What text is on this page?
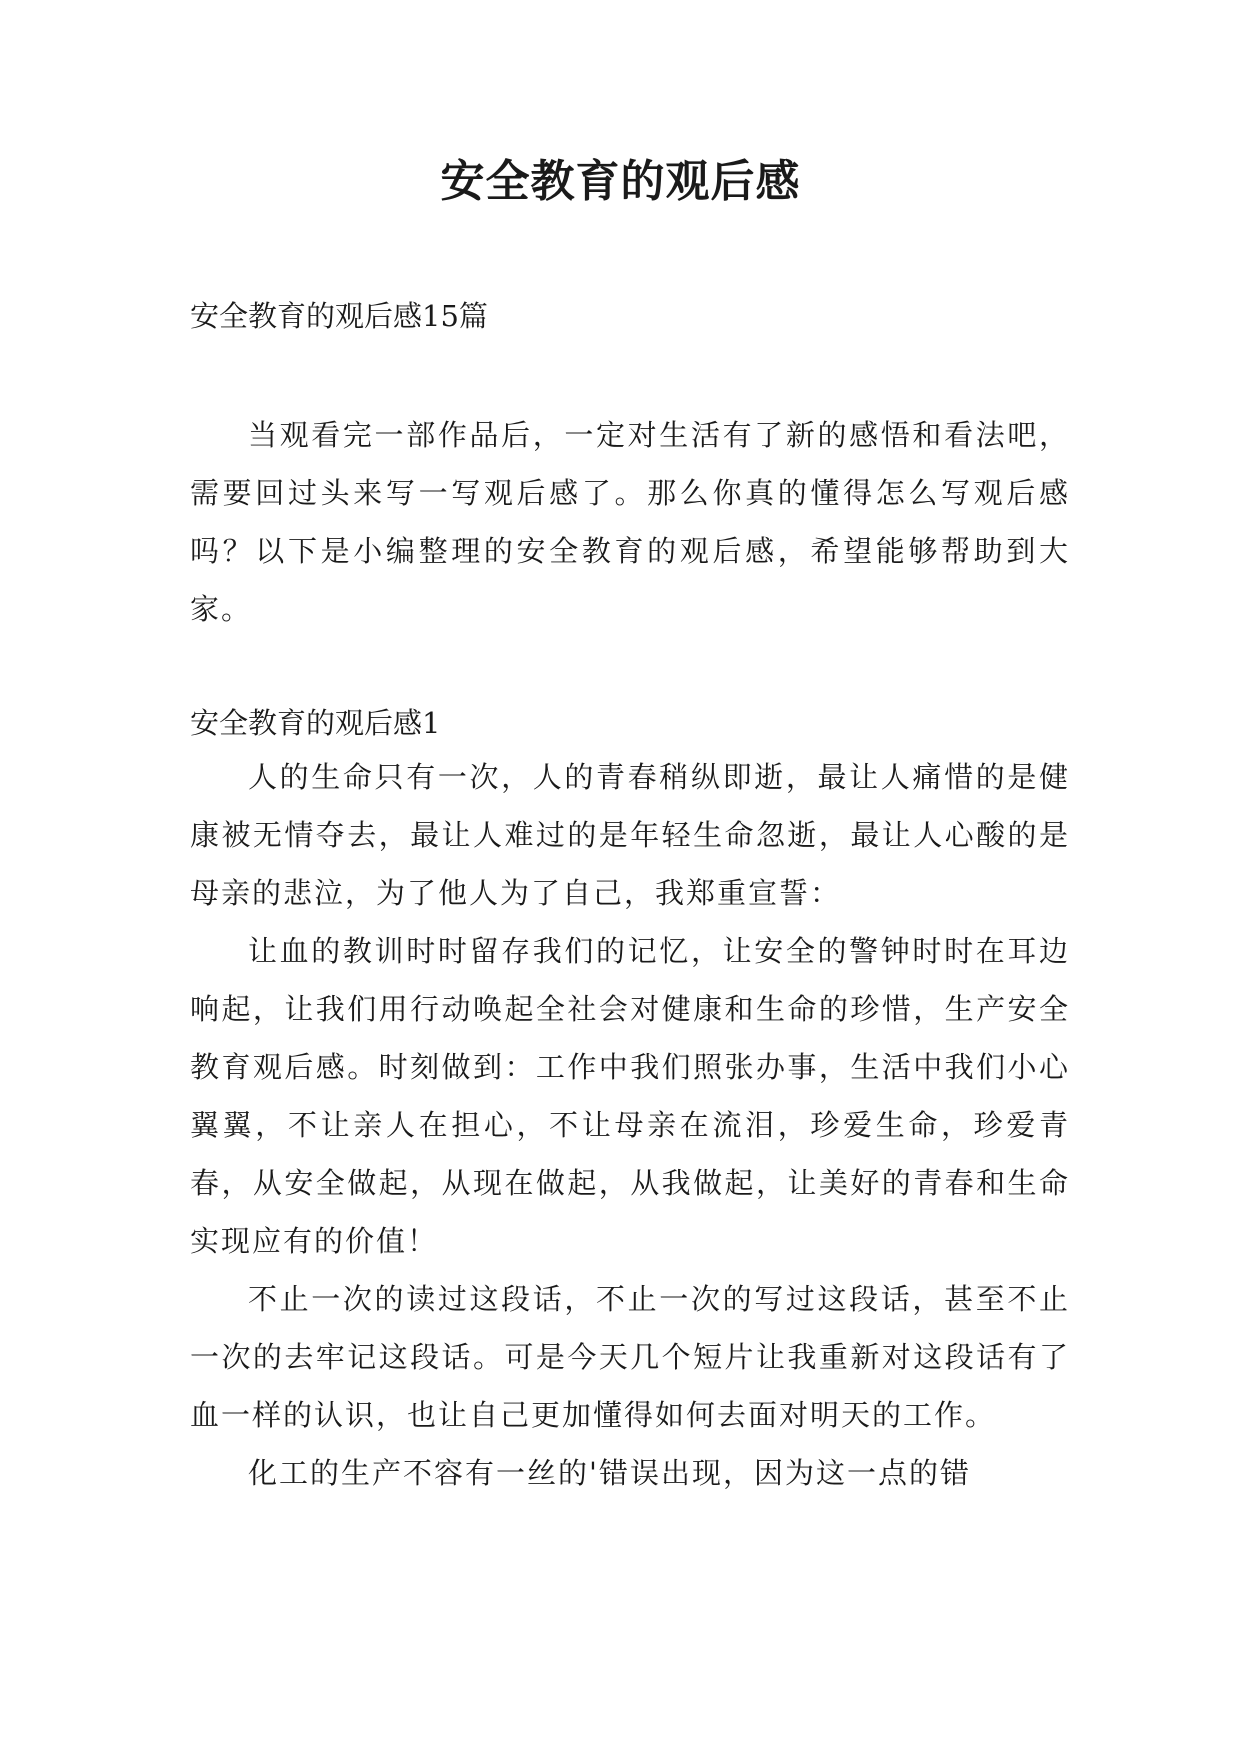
安全教育的观后感

安全教育的观后感15篇

当观看完一部作品后，一定对生活有了新的感悟和看法吧，需要回过头来写一写观后感了。那么你真的懂得怎么写观后感吗？以下是小编整理的安全教育的观后感，希望能够帮助到大家。

安全教育的观后感1

人的生命只有一次，人的青春稍纵即逝，最让人痛惜的是健康被无情夺去，最让人难过的是年轻生命忽逝，最让人心酸的是母亲的悲泣，为了他人为了自己，我郑重宣誓：

让血的教训时时留存我们的记忆，让安全的警钟时时在耳边响起，让我们用行动唤起全社会对健康和生命的珍惜，生产安全教育观后感。时刻做到：工作中我们照张办事，生活中我们小心翼翼，不让亲人在担心，不让母亲在流泪，珍爱生命，珍爱青春，从安全做起，从现在做起，从我做起，让美好的青春和生命实现应有的价值！

不止一次的读过这段话，不止一次的写过这段话，甚至不止一次的去牢记这段话。可是今天几个短片让我重新对这段话有了血一样的认识，也让自己更加懂得如何去面对明天的工作。

化工的生产不容有一丝的'错误出现，因为这一点的错
